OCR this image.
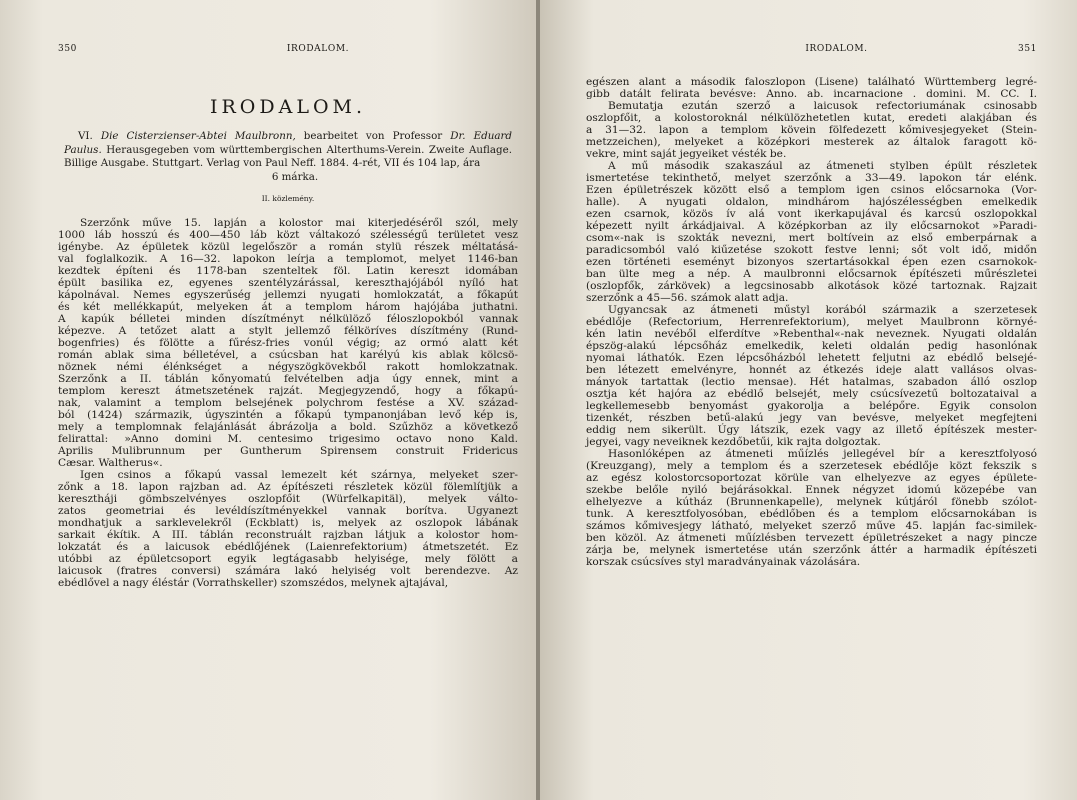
350	IRODALOM.
IRODALOM.
VI. Die Cisterzienser-Abtei Maulbronn, bearbeitet von Professor Dr. Eduard Paulus. Herausgegeben vom württembergischen Alterthums-Verein. Zweite Auflage. Billige Ausgabe. Stuttgart. Verlag von Paul Neff. 1884. 4-rét, VII és 104 lap, ára
6 márka.
II. közlemény.
Szerzőnk műve 15. lapján a kolostor mai kiterjedéséről szól, mely
1000 láb hosszú és 400—450 láb közt váltakozó szélességű területet vesz
igénybe. Az épületek közül legelőször a román stylü részek méltatásá-
val foglalkozik. A 16—32. lapokon leírja a templomot, melyet 1146-ban
kezdtek építeni és 1178-ban szenteltek föl. Latin kereszt idomában
épült basilika ez, egyenes szentélyzárással, kereszthajójából nyíló hat
kápolnával. Nemes egyszerűség jellemzi nyugati homlokzatát, a főkapút
és két mellékkapút, melyeken át a templom három hajójába juthatni.
A kapúk bélletei minden díszítményt nélkülöző féloszlopokból vannak
képezve. A tetőzet alatt a stylt jellemző félköríves díszítmény (Rund-
bogenfries) és fölötte a fűrész-fries vonúl végig; az ormó alatt két
román ablak sima bélletével, a csúcsban hat karélyú kis ablak kölcsö-
nöznek némi élénkséget a négyszögkövekből rakott homlokzatnak.
Szerzőnk a II. táblán kőnyomatú felvételben adja úgy ennek, mint a
templom kereszt átmetszetének rajzát. Megjegyzendő, hogy a főkapú-
nak, valamint a templom belsejének polychrom festése a XV. század-
ból (1424) származik, úgyszintén a főkapú tympanonjában levő kép is,
mely a templomnak felajánlását ábrázolja a bold. Szűzhöz a következő
felirattal: »Anno domini M. centesimo trigesimo octavo nono Kald.
Aprilis Mulibrunnum per Guntherum Spirensem construit Fridericus
Cæsar. Waltherus«.
Igen csinos a főkapú vassal lemezelt két szárnya, melyeket szer-
zőnk a 18. lapon rajzban ad. Az építészeti részletek közül fölemlítjük a
keresztháji gömbszelvényes oszlopfőit (Würfelkapitäl), melyek válto-
zatos geometriai és levéldíszítményekkel vannak borítva. Ugyanezt
mondhatjuk a sarklevelekről (Eckblatt) is, melyek az oszlopok lábának
sarkait ékítik. A III. táblán reconstruált rajzban látjuk a kolostor hom-
lokzatát és a laicusok ebédlőjének (Laienrefektorium) átmetszetét. Ez
utóbbi az épületcsoport egyik legtágasabb helyisége, mely fölött a
laicusok (fratres conversi) számára lakó helyiség volt berendezve. Az
ebédlővel a nagy éléstár (Vorrathskeller) szomszédos, melynek ajtajával,
IRODALOM.	351
egészen alant a második faloszlopon (Lisene) található Württemberg legré-
gibb datált felirata bevésve: Anno. ab. incarnacione . domini. M. CC. I.
Bemutatja ezután szerző a laicusok refectoriumának csinosabb
oszlopfőit, a kolostoroknál nélkülözhetetlen kutat, eredeti alakjában és
a 31—32. lapon a templom kövein fölfedezett kőmivesjegyeket (Stein-
metzzeichen), melyeket a középkori mesterek az általok faragott kö-
vekre, mint saját jegyeiket vésték be.
A mű második szakaszául az átmeneti stylben épült részletek
ismertetése tekinthető, melyet szerzőnk a 33—49. lapokon tár elénk.
Ezen épületrészek között első a templom igen csinos előcsarnoka (Vor-
halle). A nyugati oldalon, mindhárom hajószélességben emelkedik
ezen csarnok, közös ív alá vont ikerkapujával és karcsú oszlopokkal
képezett nyilt árkádjaival. A középkorban az ily előcsarnokot »Paradi-
csom«-nak is szokták nevezni, mert boltívein az első emberpárnak a
paradicsomból való kiűzetése szokott festve lenni; sőt volt idő, midőn
ezen történeti eseményt bizonyos szertartásokkal épen ezen csarnokok-
ban ülte meg a nép. A maulbronni előcsarnok építészeti műrészletei
(oszlopfők, zárkövek) a legcsinosabb alkotások közé tartoznak. Rajzait
szerzőnk a 45—56. számok alatt adja.
Ugyancsak az átmeneti műstyl korából származik a szerzetesek
ebédlője (Refectorium, Herrenrefektorium), melyet Maulbronn környé-
kén latin nevéből elferdítve »Rebenthal«-nak neveznek. Nyugati oldalán
épszög-alakú lépcsőház emelkedik, keleti oldalán pedig hasonlónak
nyomai láthatók. Ezen lépcsőházból lehetett feljutni az ebédlő belsejé-
ben létezett emelvényre, honnét az étkezés ideje alatt vallásos olvas-
mányok tartattak (lectio mensae). Hét hatalmas, szabadon álló oszlop
osztja két hajóra az ebédlő belsejét, mely csúcsívezetű boltozataival a
legkellemesebb benyomást gyakorolja a belépőre. Egyik consolon
tizenkét, részben betű-alakú jegy van bevésve, melyeket megfejteni
eddig nem sikerült. Úgy látszik, ezek vagy az illető építészek mester-
jegyei, vagy neveiknek kezdőbetűi, kik rajta dolgoztak.
Hasonlóképen az átmeneti műízlés jellegével bír a keresztfolyosó
(Kreuzgang), mely a templom és a szerzetesek ebédlője közt fekszik s
az egész kolostorcsoportozat körüle van elhelyezve az egyes épülete-
szekbe belőle nyiló bejárásokkal. Ennek négyzet idomú közepébe van
elhelyezve a kútház (Brunnenkapelle), melynek kútjáról fönebb szólot-
tunk. A keresztfolyosóban, ebédlőben és a templom előcsarnokában is
számos kőmivesjegy látható, melyeket szerző műve 45. lapján fac-similek-
ben közöl. Az átmeneti műízlésben tervezett épületrészeket a nagy pincze
zárja be, melynek ismertetése után szerzőnk áttér a harmadik építészeti
korszak csúcsíves styl maradványainak vázolására.
